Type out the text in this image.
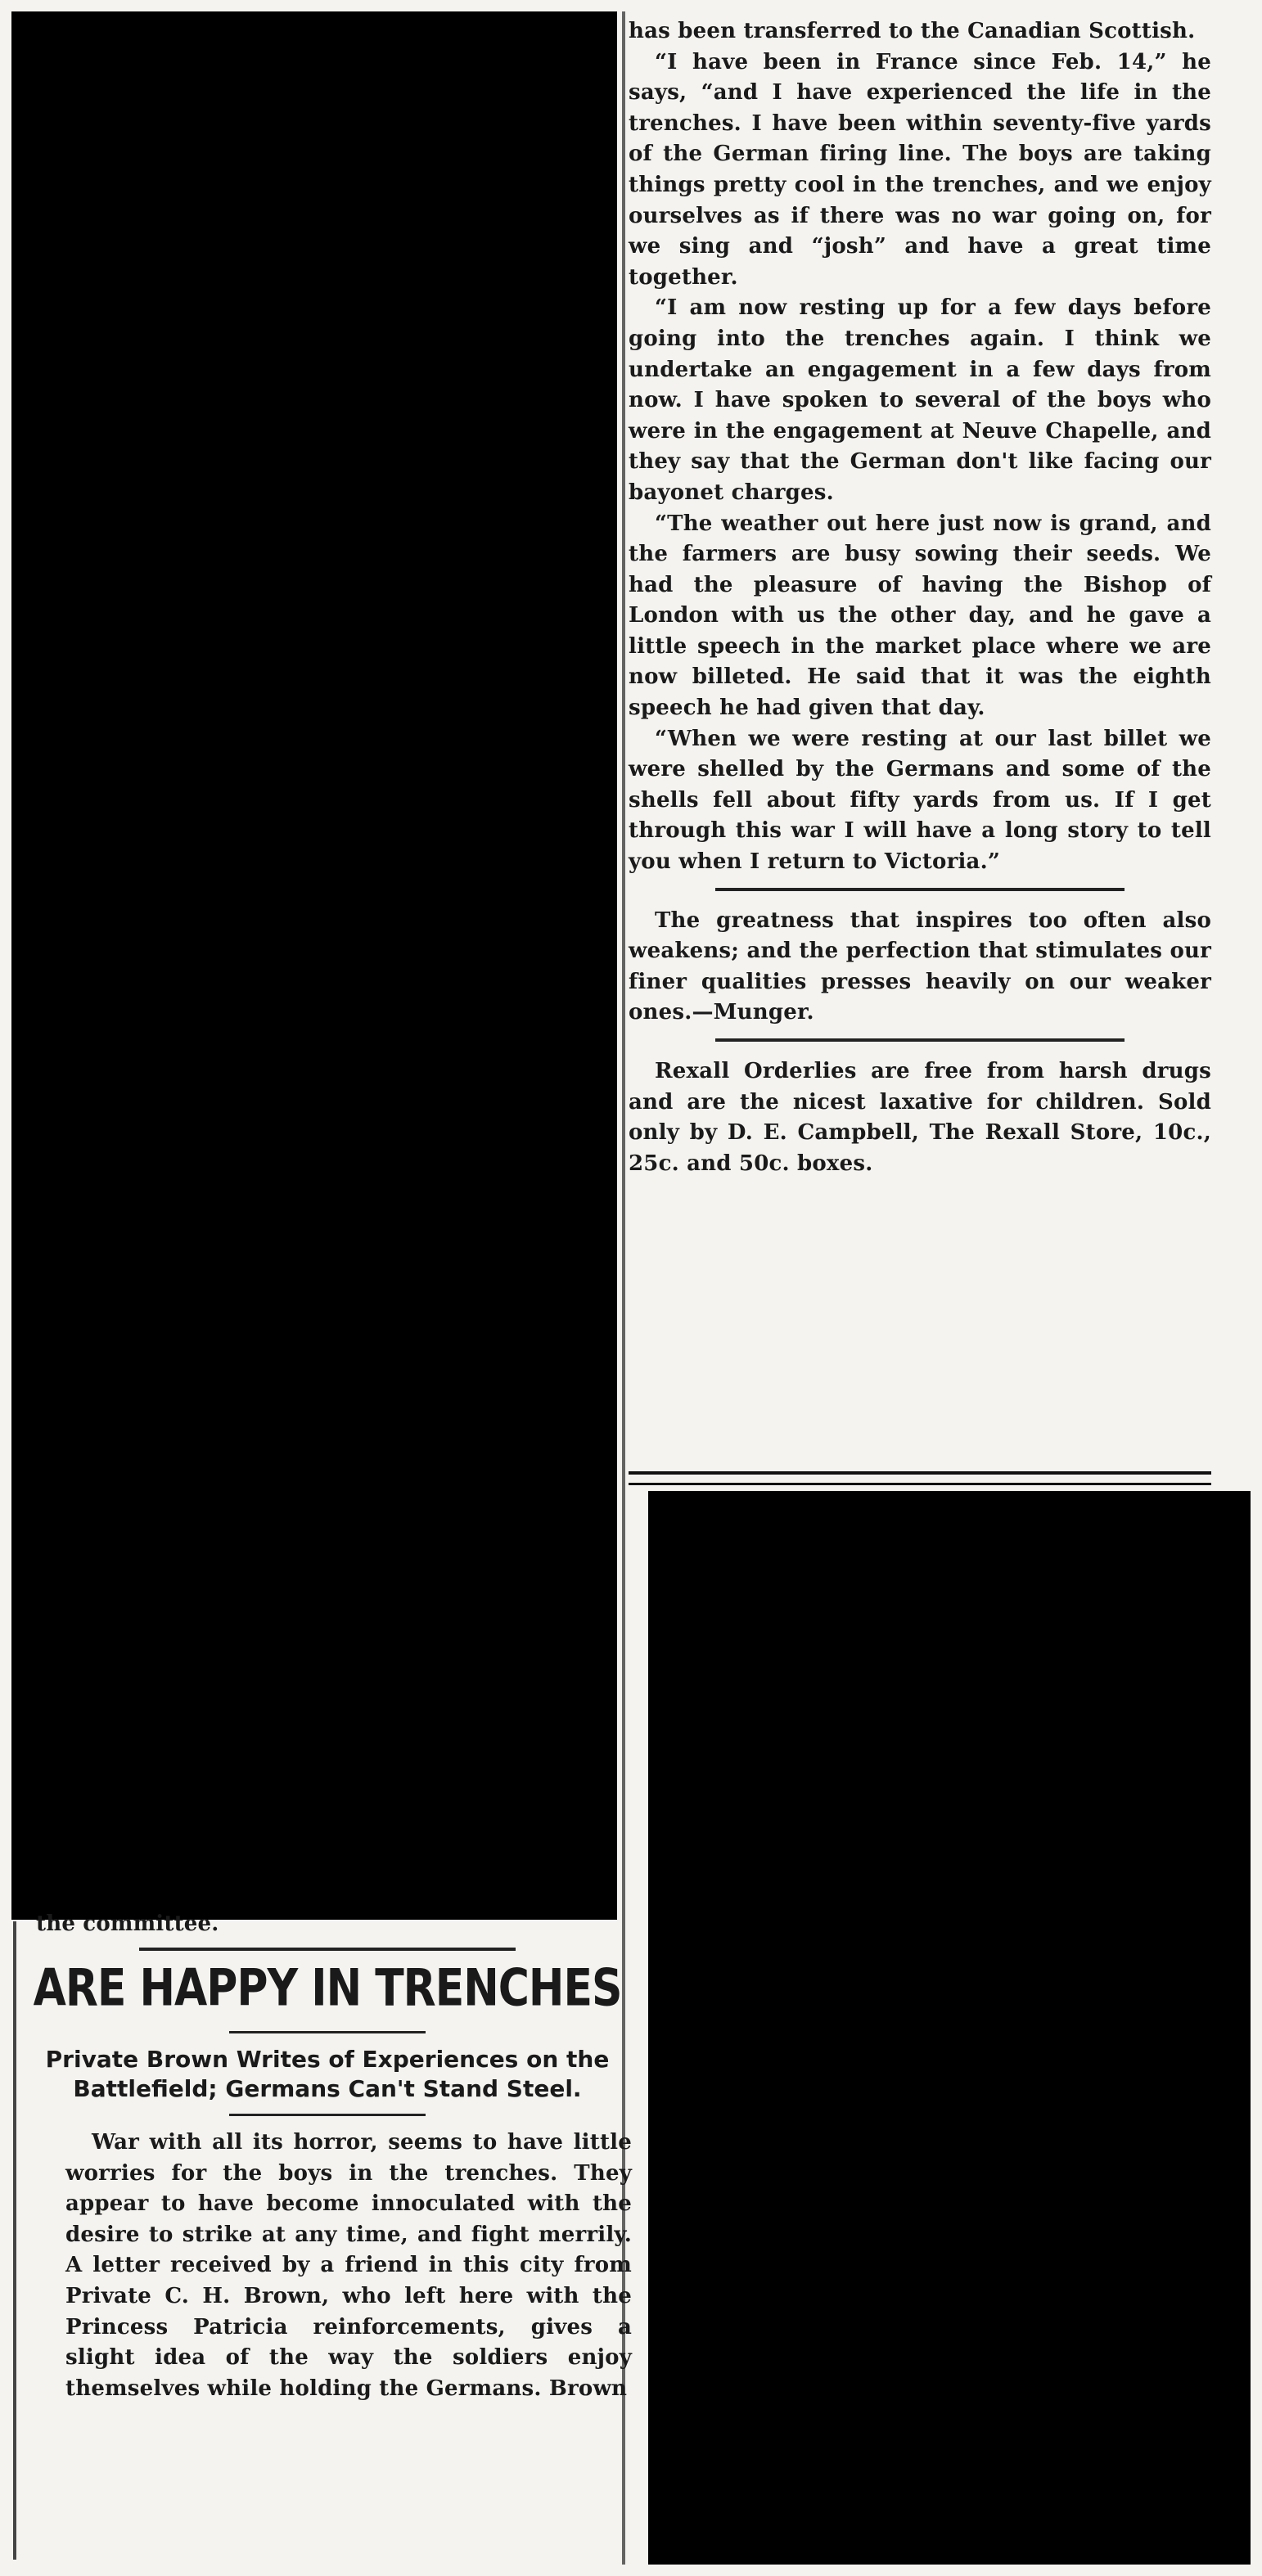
has been transferred to the Canadian Scottish.

“I have been in France since Feb. 14,” he says, “and I have experienced the life in the trenches. I have been within seventy-five yards of the German firing line. The boys are taking things pretty cool in the trenches, and we enjoy ourselves as if there was no war going on, for we sing and “josh” and have a great time together.

“I am now resting up for a few days before going into the trenches again. I think we undertake an engagement in a few days from now. I have spoken to several of the boys who were in the engagement at Neuve Chapelle, and they say that the German don't like facing our bayonet charges.

“The weather out here just now is grand, and the farmers are busy sowing their seeds. We had the pleasure of having the Bishop of London with us the other day, and he gave a little speech in the market place where we are now billeted. He said that it was the eighth speech he had given that day.

“When we were resting at our last billet we were shelled by the Germans and some of the shells fell about fifty yards from us. If I get through this war I will have a long story to tell you when I return to Victoria.”

The greatness that inspires too often also weakens; and the perfection that stimulates our finer qualities presses heavily on our weaker ones.—Munger.

Rexall Orderlies are free from harsh drugs and are the nicest laxative for children. Sold only by D. E. Campbell, The Rexall Store, 10c., 25c. and 50c. boxes.

the committee.

ARE HAPPY IN TRENCHES
Private Brown Writes of Experiences on the Battlefield; Germans Can't Stand Steel.

War with all its horror, seems to have little worries for the boys in the trenches. They appear to have become innoculated with the desire to strike at any time, and fight merrily. A letter received by a friend in this city from Private C. H. Brown, who left here with the Princess Patricia reinforcements, gives a slight idea of the way the soldiers enjoy themselves while holding the Germans. Brown
